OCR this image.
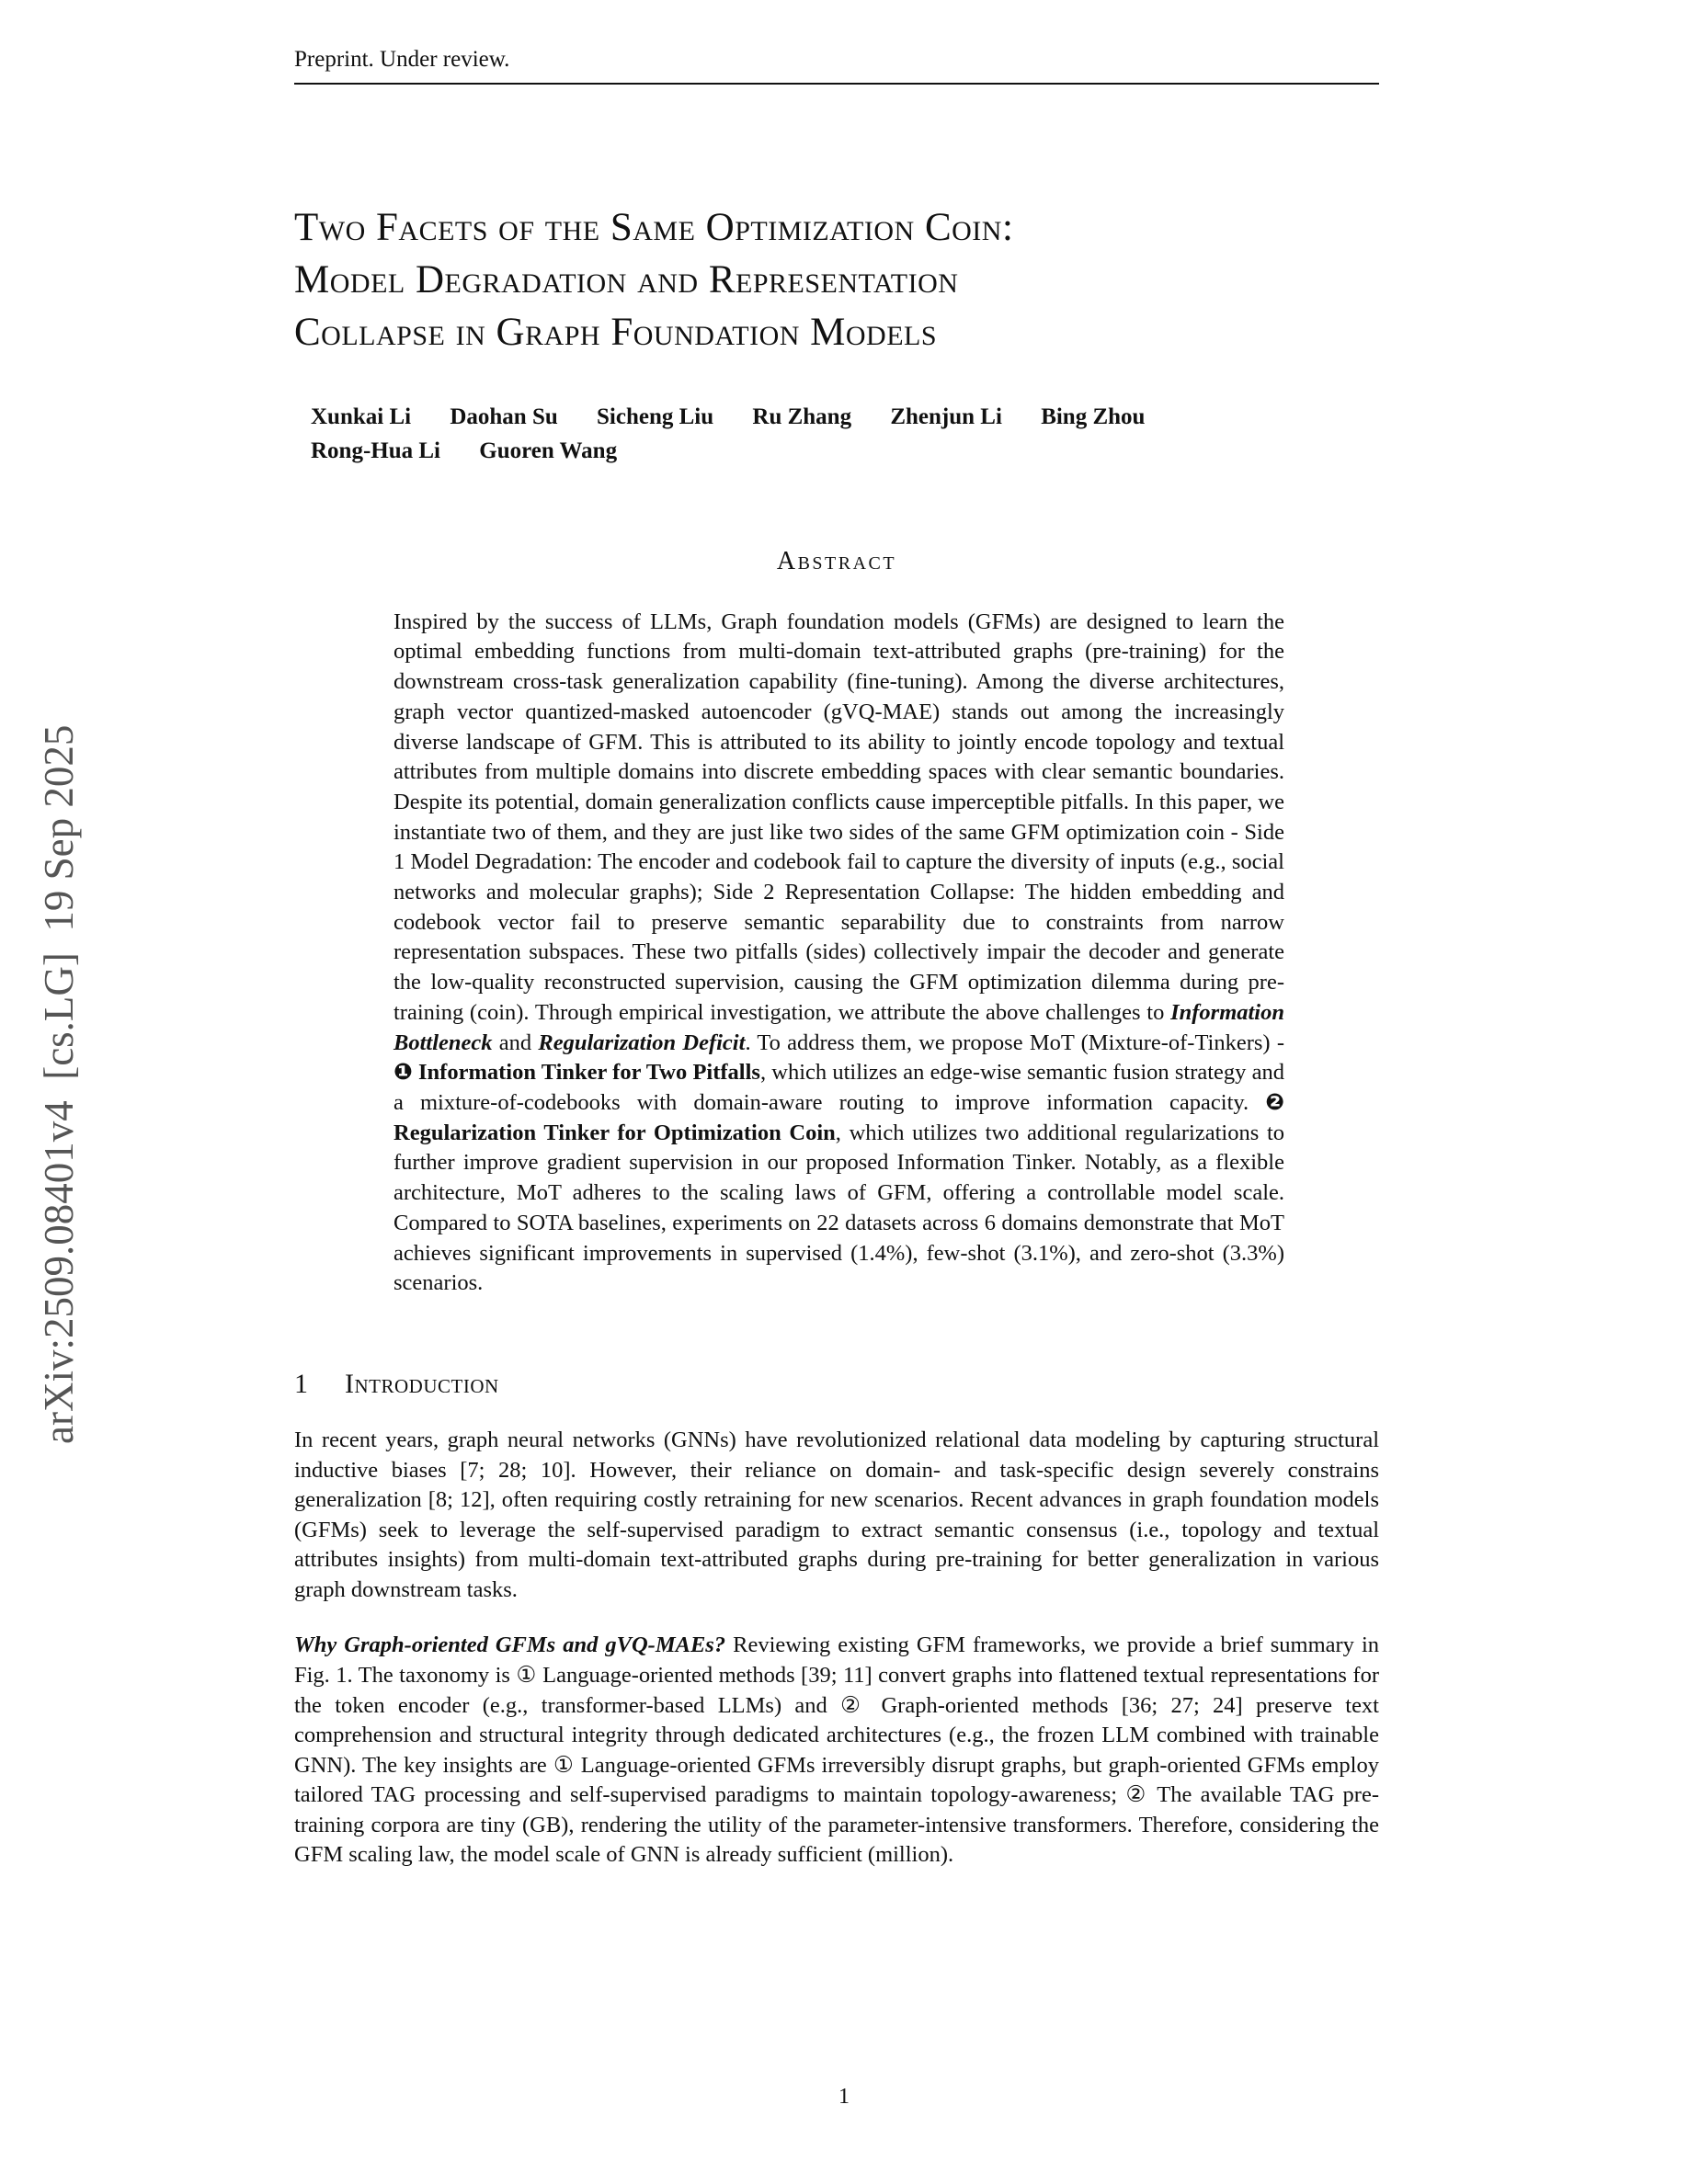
arXiv:2509.08401v4  [cs.LG]  19 Sep 2025
Preprint. Under review.
Two Facets of the Same Optimization Coin:
Model Degradation and Representation
Collapse in Graph Foundation Models
Xunkai Li Daohan Su Sicheng Liu Ru Zhang Zhenjun Li Bing Zhou
Rong-Hua Li Guoren Wang
Abstract

Inspired by the success of LLMs, Graph foundation models (GFMs) are designed to learn the optimal embedding functions from multi-domain text-attributed graphs (pre-training) for the downstream cross-task generalization capability (fine-tuning). Among the diverse architectures, graph vector quantized-masked autoencoder (gVQ-MAE) stands out among the increasingly diverse landscape of GFM. This is attributed to its ability to jointly encode topology and textual attributes from multiple domains into discrete embedding spaces with clear semantic boundaries. Despite its potential, domain generalization conflicts cause imperceptible pitfalls. In this paper, we instantiate two of them, and they are just like two sides of the same GFM optimization coin - Side 1 Model Degradation: The encoder and codebook fail to capture the diversity of inputs (e.g., social networks and molecular graphs); Side 2 Representation Collapse: The hidden embedding and codebook vector fail to preserve semantic separability due to constraints from narrow representation subspaces. These two pitfalls (sides) collectively impair the decoder and generate the low-quality reconstructed supervision, causing the GFM optimization dilemma during pre-training (coin). Through empirical investigation, we attribute the above challenges to Information Bottleneck and Regularization Deficit. To address them, we propose MoT (Mixture-of-Tinkers) - ❶ Information Tinker for Two Pitfalls, which utilizes an edge-wise semantic fusion strategy and a mixture-of-codebooks with domain-aware routing to improve information capacity. ❷ Regularization Tinker for Optimization Coin, which utilizes two additional regularizations to further improve gradient supervision in our proposed Information Tinker. Notably, as a flexible architecture, MoT adheres to the scaling laws of GFM, offering a controllable model scale. Compared to SOTA baselines, experiments on 22 datasets across 6 domains demonstrate that MoT achieves significant improvements in supervised (1.4%), few-shot (3.1%), and zero-shot (3.3%) scenarios.

1 Introduction

In recent years, graph neural networks (GNNs) have revolutionized relational data modeling by capturing structural inductive biases [7; 28; 10]. However, their reliance on domain- and task-specific design severely constrains generalization [8; 12], often requiring costly retraining for new scenarios. Recent advances in graph foundation models (GFMs) seek to leverage the self-supervised paradigm to extract semantic consensus (i.e., topology and textual attributes insights) from multi-domain text-attributed graphs during pre-training for better generalization in various graph downstream tasks.

Why Graph-oriented GFMs and gVQ-MAEs? Reviewing existing GFM frameworks, we provide a brief summary in Fig. 1. The taxonomy is ① Language-oriented methods [39; 11] convert graphs into flattened textual representations for the token encoder (e.g., transformer-based LLMs) and ② Graph-oriented methods [36; 27; 24] preserve text comprehension and structural integrity through dedicated architectures (e.g., the frozen LLM combined with trainable GNN). The key insights are ① Language-oriented GFMs irreversibly disrupt graphs, but graph-oriented GFMs employ tailored TAG processing and self-supervised paradigms to maintain topology-awareness; ② The available TAG pre-training corpora are tiny (GB), rendering the utility of the parameter-intensive transformers. Therefore, considering the GFM scaling law, the model scale of GNN is already sufficient (million).

1
